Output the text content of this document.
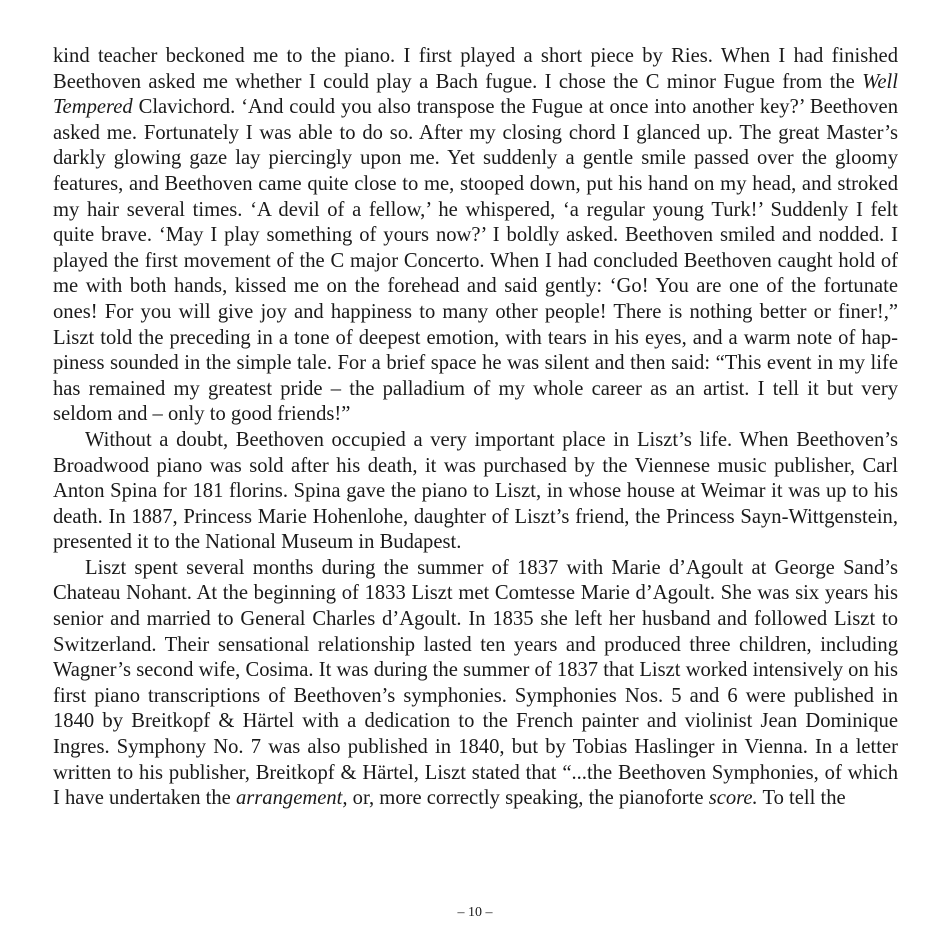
kind teacher beckoned me to the piano. I first played a short piece by Ries. When I had finished Beethoven asked me whether I could play a Bach fugue. I chose the C minor Fugue from the Well Tempered Clavichord. ‘And could you also transpose the Fugue at once into another key?’ Beethoven asked me. Fortunately I was able to do so. After my closing chord I glanced up. The great Master’s darkly glowing gaze lay piercingly upon me. Yet suddenly a gentle smile passed over the gloomy features, and Beethoven came quite close to me, stooped down, put his hand on my head, and stroked my hair several times. ‘A devil of a fellow,’ he whispered, ‘a regular young Turk!’ Suddenly I felt quite brave. ‘May I play something of yours now?’ I boldly asked. Beethoven smiled and nodded. I played the first movement of the C major Concerto. When I had concluded Beethoven caught hold of me with both hands, kissed me on the forehead and said gently: ‘Go! You are one of the fortunate ones! For you will give joy and happiness to many other people! There is nothing better or finer!,” Liszt told the preceding in a tone of deepest emotion, with tears in his eyes, and a warm note of happiness sounded in the simple tale. For a brief space he was silent and then said: “This event in my life has remained my greatest pride – the palladium of my whole career as an artist. I tell it but very seldom and – only to good friends!”

Without a doubt, Beethoven occupied a very important place in Liszt’s life. When Beethoven’s Broadwood piano was sold after his death, it was purchased by the Viennese music publisher, Carl Anton Spina for 181 florins. Spina gave the piano to Liszt, in whose house at Weimar it was up to his death. In 1887, Princess Marie Hohenlohe, daughter of Liszt’s friend, the Princess Sayn-Wittgenstein, presented it to the National Museum in Budapest.

Liszt spent several months during the summer of 1837 with Marie d’Agoult at George Sand’s Chateau Nohant. At the beginning of 1833 Liszt met Comtesse Marie d’Agoult. She was six years his senior and married to General Charles d’Agoult. In 1835 she left her husband and followed Liszt to Switzerland. Their sensational relationship lasted ten years and produced three children, including Wagner’s second wife, Cosima. It was during the summer of 1837 that Liszt worked intensively on his first piano transcriptions of Beethoven’s symphonies. Symphonies Nos. 5 and 6 were published in 1840 by Breitkopf & Härtel with a dedication to the French painter and violinist Jean Dominique Ingres. Symphony No. 7 was also published in 1840, but by Tobias Haslinger in Vienna. In a letter written to his publisher, Breitkopf & Härtel, Liszt stated that “...the Beethoven Symphonies, of which I have undertaken the arrangement, or, more correctly speaking, the pianoforte score. To tell the

– 10 –
